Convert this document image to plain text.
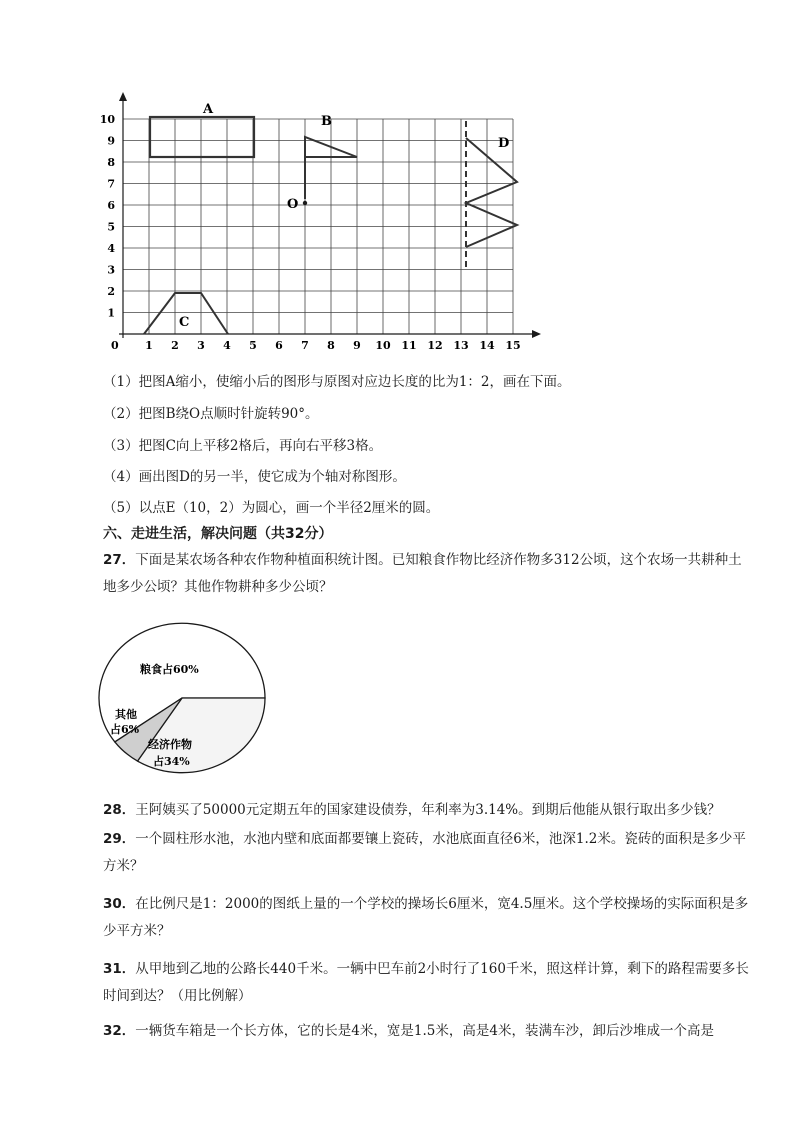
0 1 2 3 4 5 6 7 8 9 10 11 12 13 14 15
1
2
3
4
5
6
7
8
9
10
A
B
O
C
D
（1）把图A缩小，使缩小后的图形与原图对应边长度的比为1：2，画在下面。
（2）把图B绕O点顺时针旋转90°。
（3）把图C向上平移2格后，再向右平移3格。
（4）画出图D的另一半，使它成为个轴对称图形。
（5）以点E（10，2）为圆心，画一个半径2厘米的圆。
六、走进生活，解决问题（共32分）
27．下面是某农场各种农作物种植面积统计图。已知粮食作物比经济作物多312公顷，这个农场一共耕种土地多少公顷？其他作物耕种多少公顷？
粮食占60%
经济作物
占34%
其他
占6%
28．王阿姨买了50000元定期五年的国家建设债券，年利率为3.14%。到期后他能从银行取出多少钱？
29．一个圆柱形水池，水池内壁和底面都要镶上瓷砖，水池底面直径6米，池深1.2米。瓷砖的面积是多少平方米？
30．在比例尺是1：2000的图纸上量的一个学校的操场长6厘米，宽4.5厘米。这个学校操场的实际面积是多少平方米？
31．从甲地到乙地的公路长440千米。一辆中巴车前2小时行了160千米，照这样计算，剩下的路程需要多长时间到达？（用比例解）
32．一辆货车箱是一个长方体，它的长是4米，宽是1.5米，高是4米，装满车沙，卸后沙堆成一个高是
